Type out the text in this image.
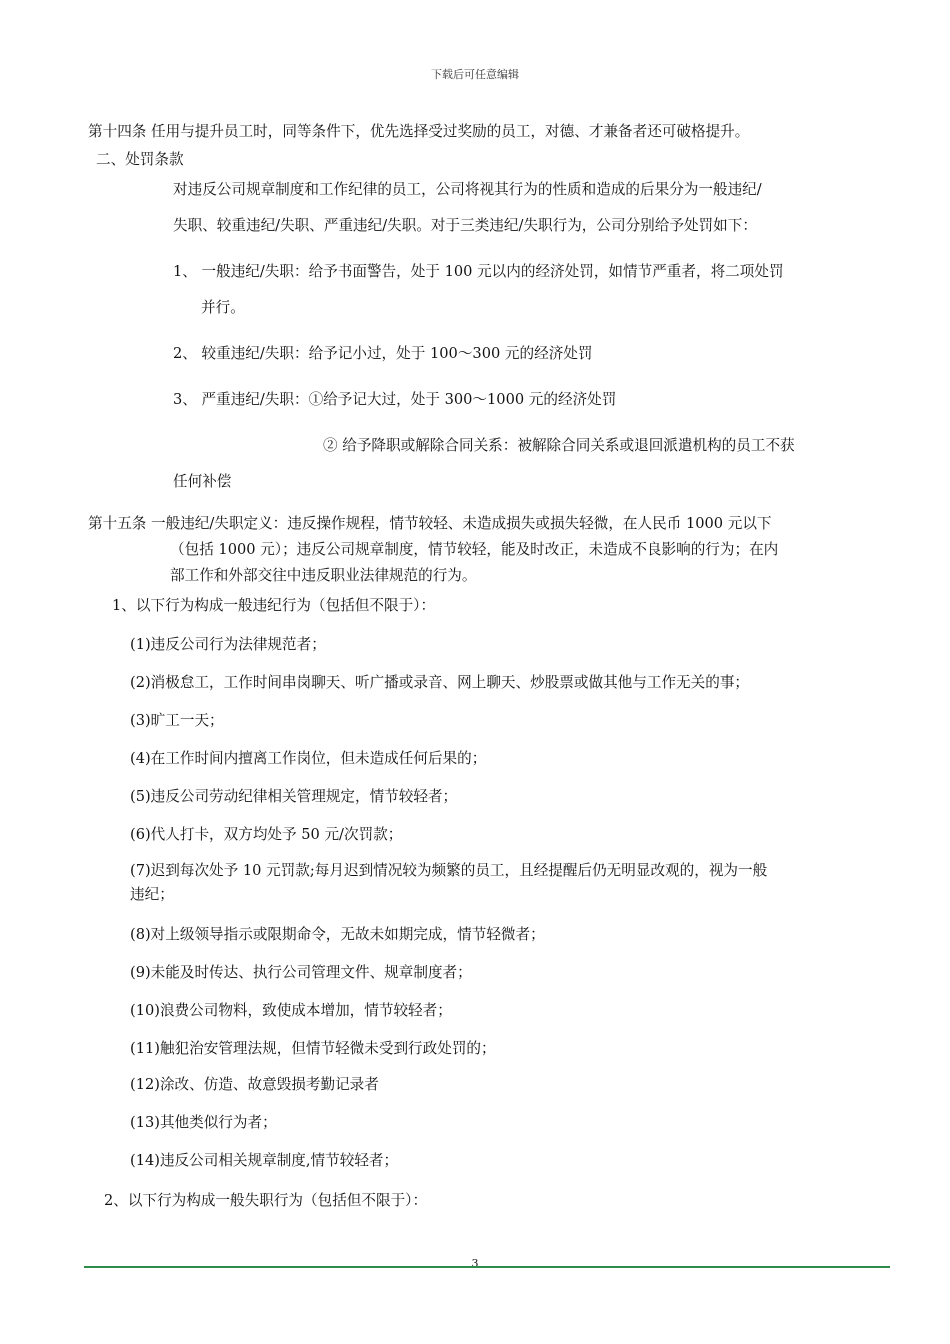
下载后可任意编辑
第十四条 任用与提升员工时，同等条件下，优先选择受过奖励的员工，对德、才兼备者还可破格提升。
二、处罚条款
对违反公司规章制度和工作纪律的员工，公司将视其行为的性质和造成的后果分为一般违纪/
失职、较重违纪/失职、严重违纪/失职。对于三类违纪/失职行为，公司分别给予处罚如下：
1、 一般违纪/失职：给予书面警告，处于 100 元以内的经济处罚，如情节严重者，将二项处罚
并行。
2、 较重违纪/失职：给予记小过，处于 100～300 元的经济处罚
3、 严重违纪/失职：①给予记大过，处于 300～1000 元的经济处罚
② 给予降职或解除合同关系：被解除合同关系或退回派遣机构的员工不获
任何补偿
第十五条 一般违纪/失职定义：违反操作规程，情节较轻、未造成损失或损失轻微，在人民币 1000 元以下
（包括 1000 元）；违反公司规章制度，情节较轻，能及时改正，未造成不良影响的行为；在内
部工作和外部交往中违反职业法律规范的行为。
1、以下行为构成一般违纪行为（包括但不限于）：
(1)违反公司行为法律规范者；
(2)消极怠工，工作时间串岗聊天、听广播或录音、网上聊天、炒股票或做其他与工作无关的事；
(3)旷工一天；
(4)在工作时间内擅离工作岗位，但未造成任何后果的；
(5)违反公司劳动纪律相关管理规定，情节较轻者；
(6)代人打卡，双方均处予 50 元/次罚款；
(7)迟到每次处予 10 元罚款;每月迟到情况较为频繁的员工，且经提醒后仍无明显改观的，视为一般
违纪；
(8)对上级领导指示或限期命令，无故未如期完成，情节轻微者；
(9)未能及时传达、执行公司管理文件、规章制度者；
(10)浪费公司物料，致使成本增加，情节较轻者；
(11)触犯治安管理法规，但情节轻微未受到行政处罚的；
(12)涂改、仿造、故意毁损考勤记录者
(13)其他类似行为者；
(14)违反公司相关规章制度,情节较轻者；
2、以下行为构成一般失职行为（包括但不限于）：
3
